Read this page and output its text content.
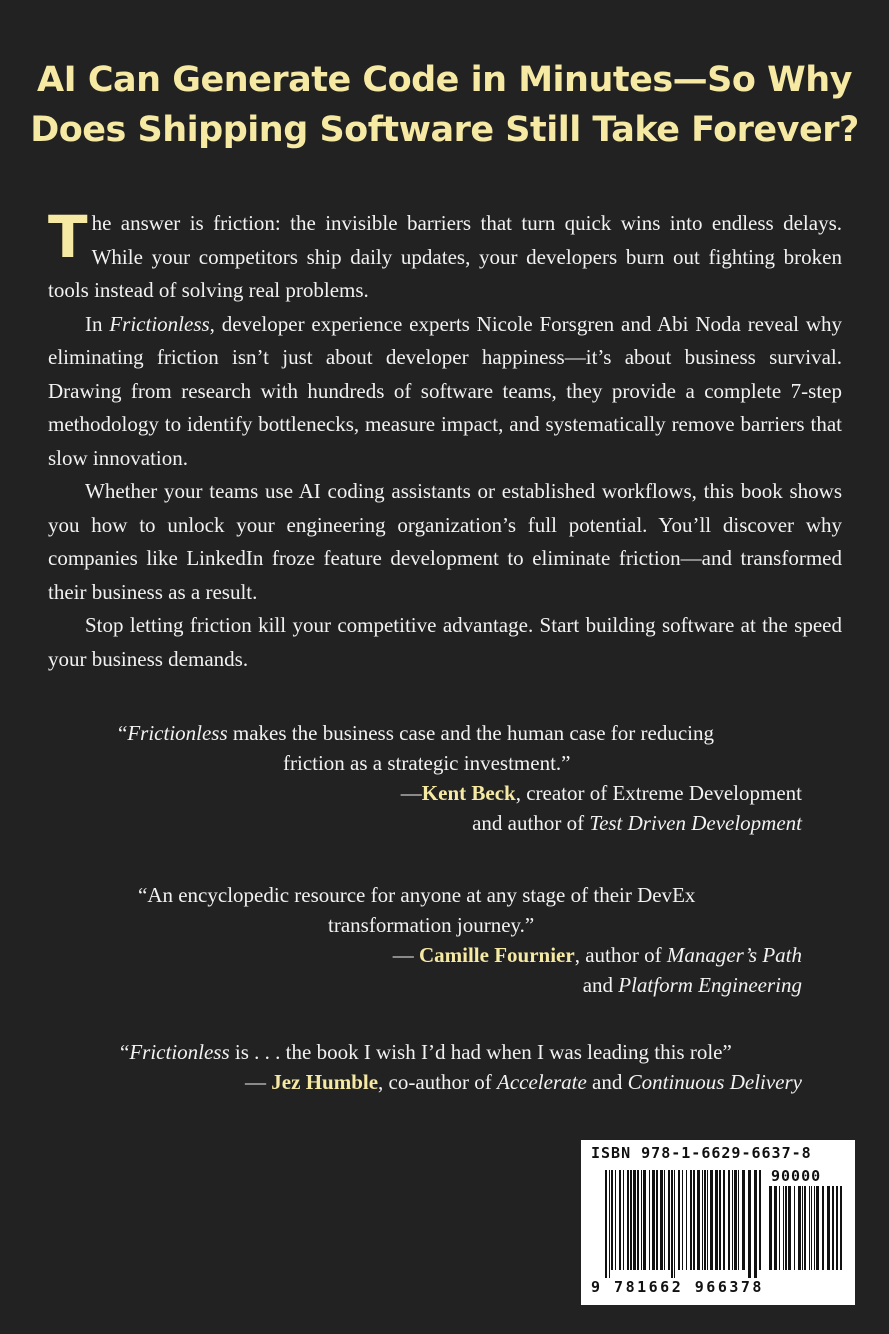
AI Can Generate Code in Minutes—So Why
Does Shipping Software Still Take Forever?

The answer is friction: the invisible barriers that turn quick wins into endless delays. While your competitors ship daily updates, your developers burn out fighting broken tools instead of solving real problems.

In Frictionless, developer experience experts Nicole Forsgren and Abi Noda reveal why eliminating friction isn’t just about developer happiness—it’s about business survival. Drawing from research with hundreds of software teams, they provide a complete 7-step methodology to identify bottlenecks, measure impact, and systematically remove barriers that slow innovation.

Whether your teams use AI coding assistants or established workflows, this book shows you how to unlock your engineering organization’s full potential. You’ll discover why companies like LinkedIn froze feature development to eliminate friction—and transformed their business as a result.

Stop letting friction kill your competitive advantage. Start building software at the speed your business demands.

“Frictionless makes the business case and the human case for reducing
friction as a strategic investment.”
—Kent Beck, creator of Extreme Development
and author of Test Driven Development
“An encyclopedic resource for anyone at any stage of their DevEx
transformation journey.”
— Camille Fournier, author of Manager’s Path
and Platform Engineering
“Frictionless is . . . the book I wish I’d had when I was leading this role”
— Jez Humble, co-author of Accelerate and Continuous Delivery
ISBN 978-1-6629-6637-8
90000
9 781662 966378
